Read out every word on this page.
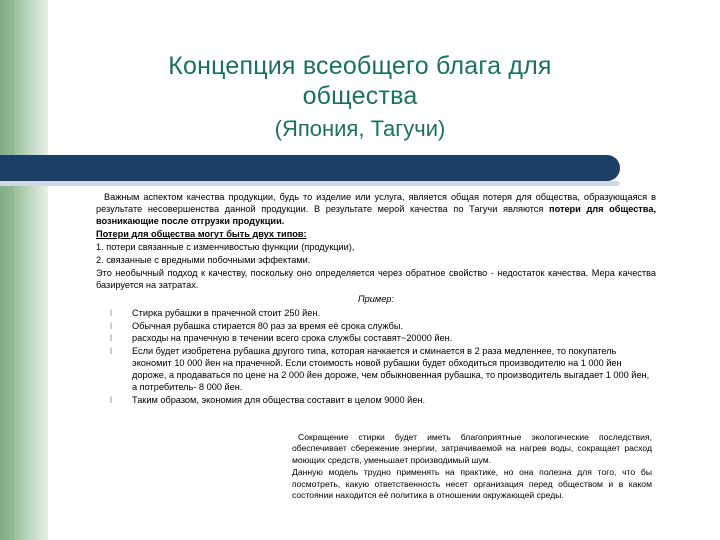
Концепция всеобщего блага для
общества
(Япония, Тагучи)

Важным аспектом качества продукции, будь то изделие или услуга, является общая потеря для общества, образующаяся в результате несовершенства данной продукции. В результате мерой качества по Тагучи являются потери для общества, возникающие после отгрузки продукции.

Потери для общества могут быть двух типов:

1. потери связанные с изменчивостью функции (продукции),

2. связанные с вредными побочными эффектами.

Это необычный подход к качеству, поскольку оно определяется через обратное свойство - недостаток качества. Мера качества базируется на затратах.

Пример:

l Стирка рубашки в прачечной стоит 250 йен.
l Обычная рубашка стирается 80 раз за время её срока службы.
l расходы на прачечную в течении всего срока службы составят~20000 йен.
l Если будет изобретена рубашка другого типа, которая начкается и сминается в 2 раза медленнее, то покупатель экономит 10 000 йен на прачечной. Если стоимость новой рубашки будет обходиться производителю на 1 000 йен дороже, а продаваться по цене на 2 000 йен дороже, чем обыкновенная рубашка, то производитель выгадает 1 000 йен, а потребитель- 8 000 йен.
l Таким образом, экономия для общества составит в целом 9000 йен.

Сокращение стирки будет иметь благоприятные экологические последствия, обеспечивает сбережение энергии, затрачиваемой на нагрев воды, сокращает расход моющих средств, уменьшает производимый шум.

Данную модель трудно применять на практике, но она полезна для того, что бы посмотреть, какую ответственность несет организация перед обществом и в каком состоянии находится её политика в отношении окружающей среды.
